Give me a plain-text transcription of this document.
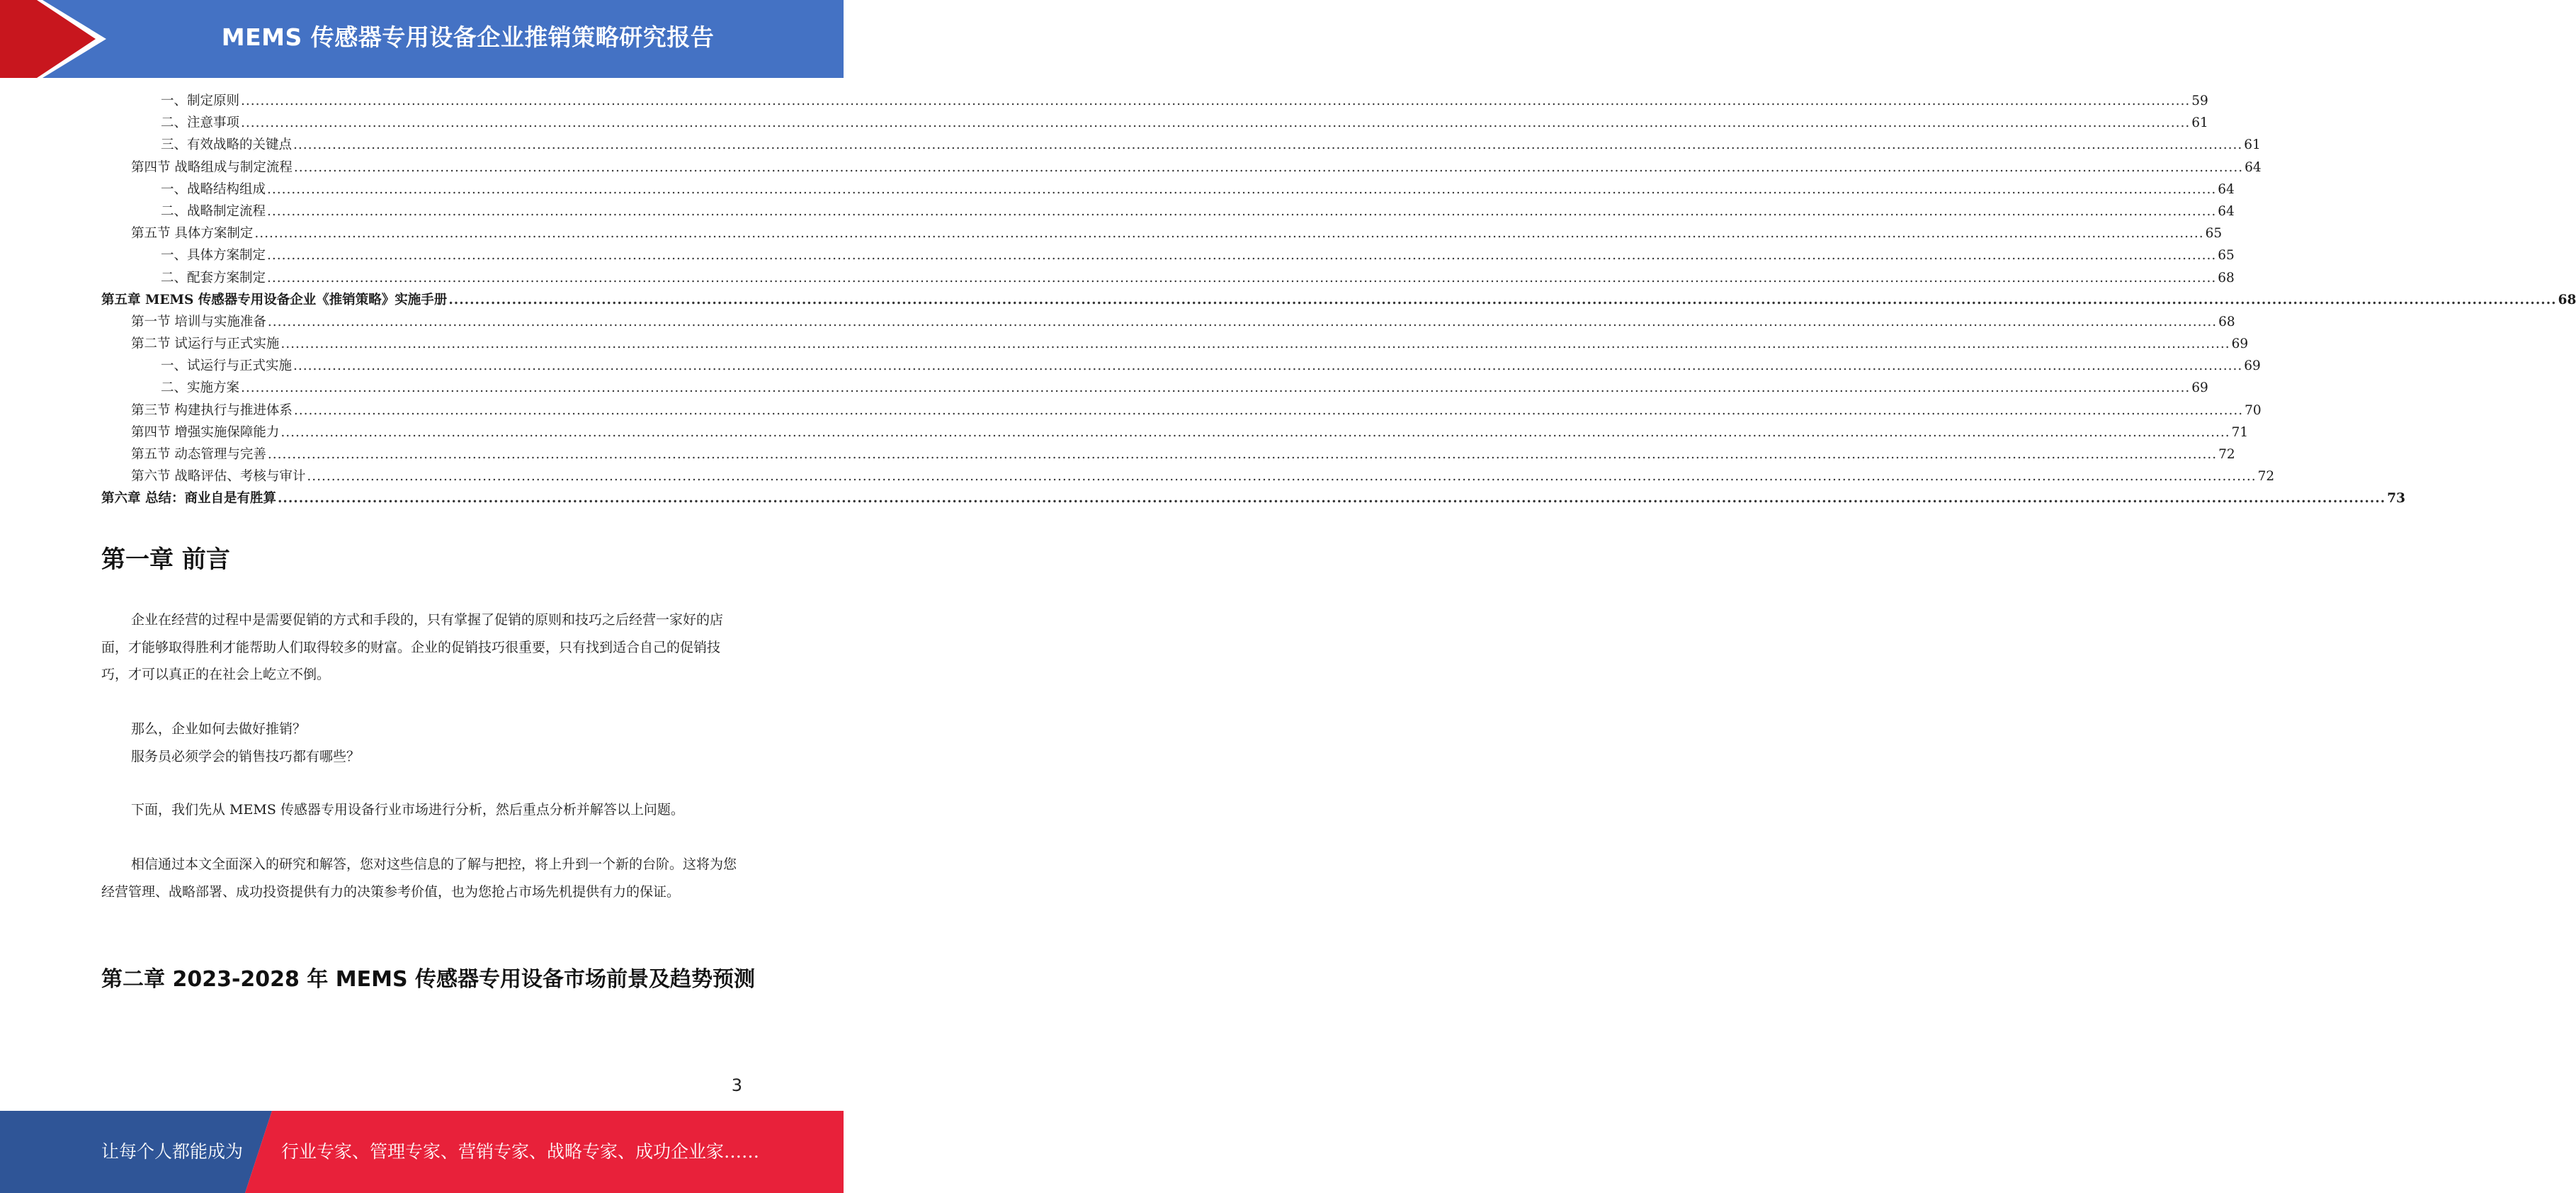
MEMS 传感器专用设备企业推销策略研究报告
一、制定原则 ................................................................................................................................................................................................................................................................................................................................................................................................................ 59
二、注意事项 ................................................................................................................................................................................................................................................................................................................................................................................................................ 61
三、有效战略的关键点 ................................................................................................................................................................................................................................................................................................................................................................................................................ 61
第四节 战略组成与制定流程 ................................................................................................................................................................................................................................................................................................................................................................................................................ 64
一、战略结构组成 ................................................................................................................................................................................................................................................................................................................................................................................................................ 64
二、战略制定流程 ................................................................................................................................................................................................................................................................................................................................................................................................................ 64
第五节 具体方案制定 ................................................................................................................................................................................................................................................................................................................................................................................................................ 65
一、具体方案制定 ................................................................................................................................................................................................................................................................................................................................................................................................................ 65
二、配套方案制定 ................................................................................................................................................................................................................................................................................................................................................................................................................ 68
第五章 MEMS 传感器专用设备企业《推销策略》实施手册 ................................................................................................................................................................................................................................................................................................................................................................................................................ 68
第一节 培训与实施准备 ................................................................................................................................................................................................................................................................................................................................................................................................................ 68
第二节 试运行与正式实施 ................................................................................................................................................................................................................................................................................................................................................................................................................ 69
一、试运行与正式实施 ................................................................................................................................................................................................................................................................................................................................................................................................................ 69
二、实施方案 ................................................................................................................................................................................................................................................................................................................................................................................................................ 69
第三节 构建执行与推进体系 ................................................................................................................................................................................................................................................................................................................................................................................................................ 70
第四节 增强实施保障能力 ................................................................................................................................................................................................................................................................................................................................................................................................................ 71
第五节 动态管理与完善 ................................................................................................................................................................................................................................................................................................................................................................................................................ 72
第六节 战略评估、考核与审计 ................................................................................................................................................................................................................................................................................................................................................................................................................ 72
第六章 总结：商业自是有胜算 ................................................................................................................................................................................................................................................................................................................................................................................................................ 73
第一章 前言

企业在经营的过程中是需要促销的方式和手段的，只有掌握了促销的原则和技巧之后经营一家好的店面，才能够取得胜利才能帮助人们取得较多的财富。企业的促销技巧很重要，只有找到适合自己的促销技巧，才可以真正的在社会上屹立不倒。

那么，企业如何去做好推销？

服务员必须学会的销售技巧都有哪些？

下面，我们先从 MEMS 传感器专用设备行业市场进行分析，然后重点分析并解答以上问题。

相信通过本文全面深入的研究和解答，您对这些信息的了解与把控，将上升到一个新的台阶。这将为您经营管理、战略部署、成功投资提供有力的决策参考价值，也为您抢占市场先机提供有力的保证。

第二章 2023-2028 年 MEMS 传感器专用设备市场前景及趋势预测
3
让每个人都能成为 行业专家、管理专家、营销专家、战略专家、成功企业家……
